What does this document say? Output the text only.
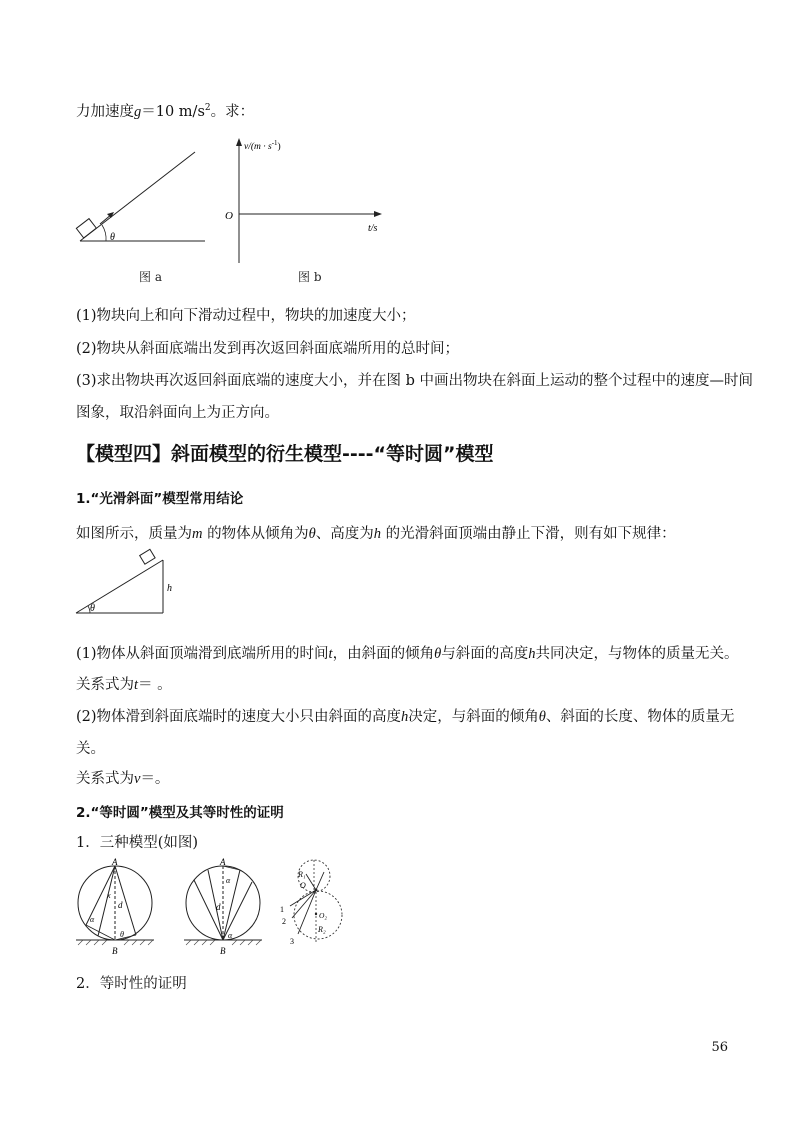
力加速度g＝10 $m/s^2$。求：
θ
图 a
$v/(m \cdot s^{-1})$
O
t/s
图 b
(1)物块向上和向下滑动过程中，物块的加速度大小；
(2)物块从斜面底端出发到再次返回斜面底端所用的总时间；
(3)求出物块再次返回斜面底端的速度大小，并在图 b 中画出物块在斜面上运动的整个过程中的速度—时间
图象，取沿斜面向上为正方向。
【模型四】斜面模型的衍生模型----“等时圆”模型
1.“光滑斜面”模型常用结论
如图所示，质量为m 的物体从倾角为θ、高度为h 的光滑斜面顶端由静止下滑，则有如下规律：
θ
h
(1)物体从斜面顶端滑到底端所用的时间t，由斜面的倾角θ与斜面的高度h共同决定，与物体的质量无关。
关系式为t＝ 。
(2)物体滑到斜面底端时的速度大小只由斜面的高度h决定，与斜面的倾角θ、斜面的长度、物体的质量无
关。
关系式为v＝。
2.“等时圆”模型及其等时性的证明
1．三种模型(如图)
A
B
x
d
α
θ
A
B
α
d
α
R₁
O
O₂
R₂
1
2
3
2．等时性的证明
56
